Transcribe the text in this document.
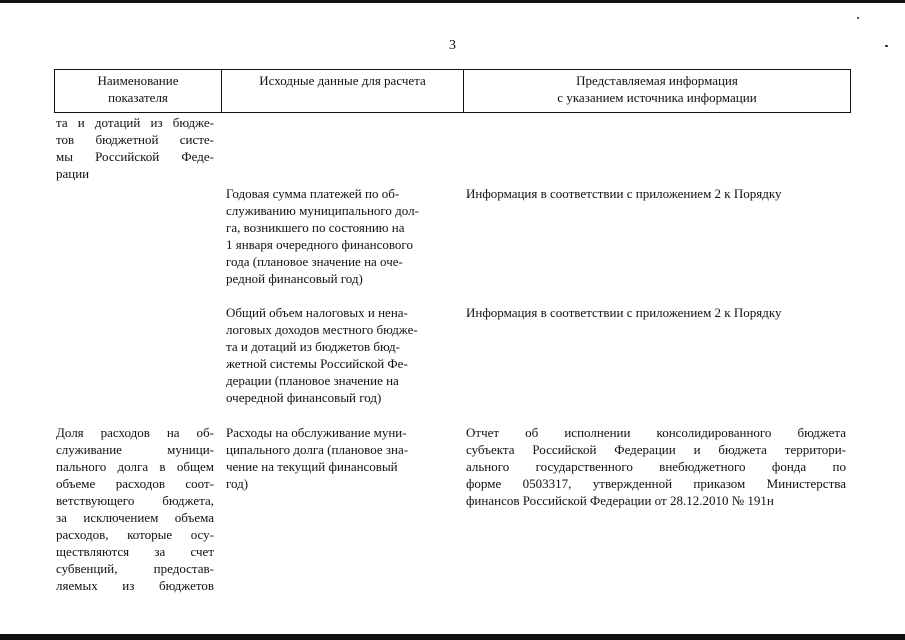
3
Наименование
показателя
Исходные данные для расчета	Представляемая информация
с указанием источника информации
та и дотаций из бюдже-
тов бюджетной систе-
мы Российской Феде-
рации
Годовая сумма платежей по об-
служиванию муниципального дол-
га, возникшего по состоянию на
1 января очередного финансового
года (плановое значение на оче-
редной финансовый год)
Информация в соответствии с приложением 2 к Порядку
Общий объем налоговых и нена-
логовых доходов местного бюдже-
та и дотаций из бюджетов бюд-
жетной системы Российской Фе-
дерации (плановое значение на
очередной финансовый год)
Информация в соответствии с приложением 2 к Порядку
Доля расходов на об-
служивание муници-
пального долга в общем
объеме расходов соот-
ветствующего бюджета,
за исключением объема
расходов, которые осу-
ществляются за счет
субвенций, предостав-
ляемых из бюджетов
Расходы на обслуживание муни-
ципального долга (плановое зна-
чение на текущий финансовый
год)
Отчет об исполнении консолидированного бюджета
субъекта Российской Федерации и бюджета территори-
ального государственного внебюджетного фонда по
форме 0503317, утвержденной приказом Министерства
финансов Российской Федерации от 28.12.2010 № 191н
